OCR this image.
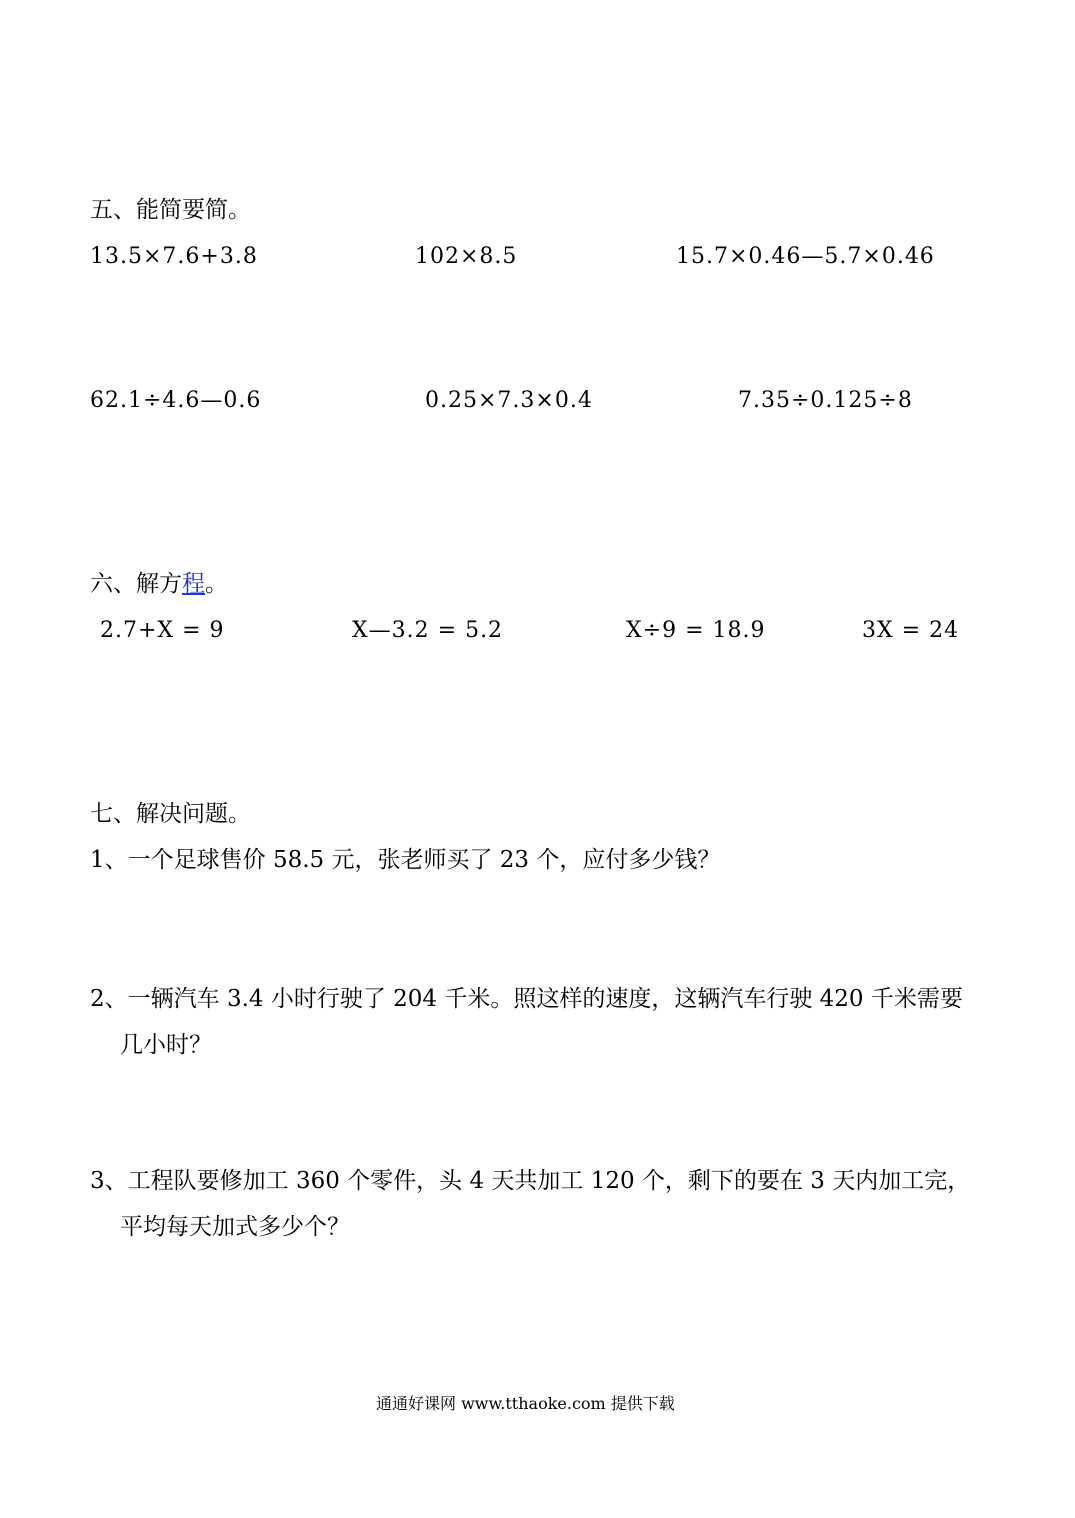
五、能简要简。
13.5×7.6+3.8	102×8.5	15.7×0.46—5.7×0.46
62.1÷4.6—0.6	0.25×7.3×0.4	7.35÷0.125÷8
六、解方程。
2.7+X = 9	X—3.2 = 5.2	X÷9 = 18.9	3X = 24
七、解决问题。
1、一个足球售价 58.5 元，张老师买了 23 个，应付多少钱？
2、一辆汽车 3.4 小时行驶了 204 千米。照这样的速度，这辆汽车行驶 420 千米需要
几小时？
3、工程队要修加工 360 个零件，头 4 天共加工 120 个，剩下的要在 3 天内加工完，
平均每天加式多少个？
通通好课网 www.tthaoke.com 提供下载
